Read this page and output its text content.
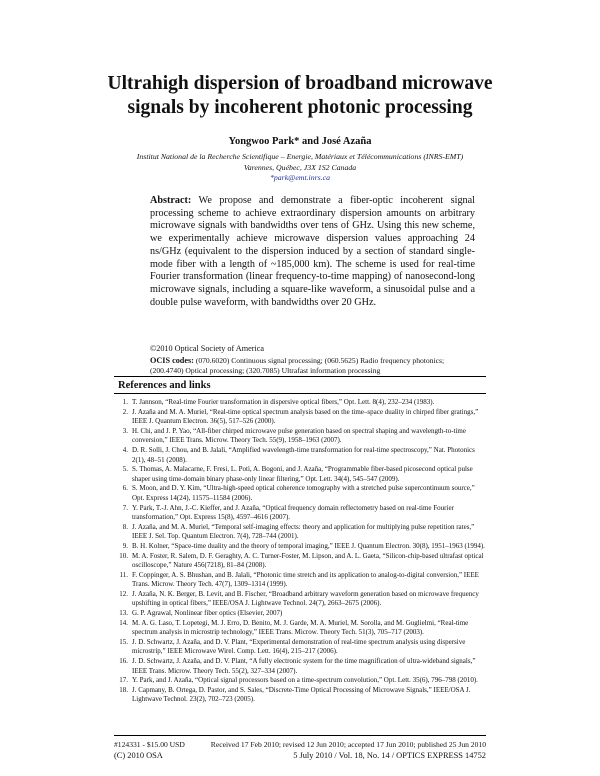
Ultrahigh dispersion of broadband microwave
signals by incoherent photonic processing
Yongwoo Park* and José Azaña
Institut National de la Recherche Scientifique – Energie, Matériaux et Télécommunications (INRS-EMT)
Varennes, Québec, J3X 1S2 Canada
*park@emt.inrs.ca
Abstract: We propose and demonstrate a fiber-optic incoherent signal processing scheme to achieve extraordinary dispersion amounts on arbitrary microwave signals with bandwidths over tens of GHz. Using this new scheme, we experimentally achieve microwave dispersion values approaching 24 ns/GHz (equivalent to the dispersion induced by a section of standard single-mode fiber with a length of ~185,000 km). The scheme is used for real-time Fourier transformation (linear frequency-to-time mapping) of nanosecond-long microwave signals, including a square-like waveform, a sinusoidal pulse and a double pulse waveform, with bandwidths over 20 GHz.
©2010 Optical Society of America
OCIS codes: (070.6020) Continuous signal processing; (060.5625) Radio frequency photonics; (200.4740) Optical processing; (320.7085) Ultrafast information processing
References and links
1. T. Jannson, “Real-time Fourier transformation in dispersive optical fibers,” Opt. Lett. 8(4), 232–234 (1983).
2. J. Azaña and M. A. Muriel, “Real-time optical spectrum analysis based on the time–space duality in chirped fiber gratings,” IEEE J. Quantum Electron. 36(5), 517–526 (2000).
3. H. Chi, and J. P. Yao, “All-fiber chirped microwave pulse generation based on spectral shaping and wavelength-to-time conversion,” IEEE Trans. Microw. Theory Tech. 55(9), 1958–1963 (2007).
4. D. R. Solli, J. Chou, and B. Jalali, “Amplified wavelength-time transformation for real-time spectroscopy,” Nat. Photonics 2(1), 48–51 (2008).
5. S. Thomas, A. Malacarne, F. Fresi, L. Potì, A. Bogoni, and J. Azaña, “Programmable fiber-based picosecond optical pulse shaper using time-domain binary phase-only linear filtering,” Opt. Lett. 34(4), 545–547 (2009).
6. S. Moon, and D. Y. Kim, “Ultra-high-speed optical coherence tomography with a stretched pulse supercontinuum source,” Opt. Express 14(24), 11575–11584 (2006).
7. Y. Park, T.-J. Ahn, J.-C. Kieffer, and J. Azaña, “Optical frequency domain reflectometry based on real-time Fourier transformation,” Opt. Express 15(8), 4597–4616 (2007).
8. J. Azaña, and M. A. Muriel, “Temporal self-imaging effects: theory and application for multiplying pulse repetition rates,” IEEE J. Sel. Top. Quantum Electron. 7(4), 728–744 (2001).
9. B. H. Kolner, “Space-time duality and the theory of temporal imaging,” IEEE J. Quantum Electron. 30(8), 1951–1963 (1994).
10. M. A. Foster, R. Salem, D. F. Geraghty, A. C. Turner-Foster, M. Lipson, and A. L. Gaeta, “Silicon-chip-based ultrafast optical oscilloscope,” Nature 456(7218), 81–84 (2008).
11. F. Coppinger, A. S. Bhushan, and B. Jalali, “Photonic time stretch and its application to analog-to-digital conversion,” IEEE Trans. Microw. Theory Tech. 47(7), 1309–1314 (1999).
12. J. Azaña, N. K. Berger, B. Levit, and B. Fischer, “Broadband arbitrary waveform generation based on microwave frequency upshifting in optical fibers,” IEEE/OSA J. Lightwave Technol. 24(7), 2663–2675 (2006).
13. G. P. Agrawal, Nonlinear fiber optics (Elsevier, 2007)
14. M. A. G. Laso, T. Lopetegi, M. J. Erro, D. Benito, M. J. Garde, M. A. Muriel, M. Sorolla, and M. Guglielmi, “Real-time spectrum analysis in microstrip technology,” IEEE Trans. Microw. Theory Tech. 51(3), 705–717 (2003).
15. J. D. Schwartz, J. Azaña, and D. V. Plant, “Experimental demonstration of real-time spectrum analysis using dispersive microstrip,” IEEE Microwave Wirel. Comp. Lett. 16(4), 215–217 (2006).
16. J. D. Schwartz, J. Azaña, and D. V. Plant, “A fully electronic system for the time magnification of ultra-wideband signals,” IEEE Trans. Microw. Theory Tech. 55(2), 327–334 (2007).
17. Y. Park, and J. Azaña, “Optical signal processors based on a time-spectrum convolution,” Opt. Lett. 35(6), 796–798 (2010).
18. J. Capmany, B. Ortega, D. Pastor, and S. Sales, “Discrete-Time Optical Processing of Microwave Signals,” IEEE/OSA J. Lightwave Technol. 23(2), 702–723 (2005).
#124331 - $15.00 USD	Received 17 Feb 2010; revised 12 Jun 2010; accepted 17 Jun 2010; published 25 Jun 2010
(C) 2010 OSA	5 July 2010 / Vol. 18, No. 14 / OPTICS EXPRESS 14752
